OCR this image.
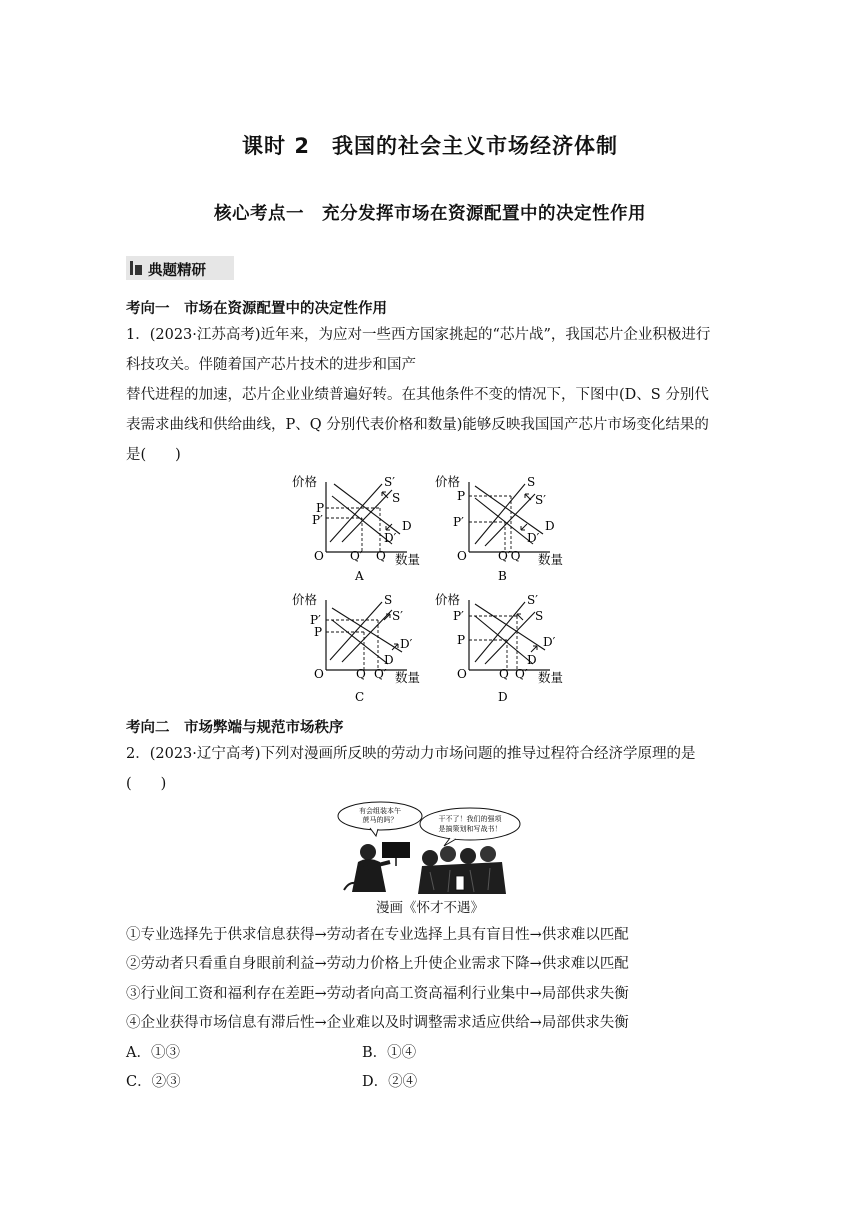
课时 2　我国的社会主义市场经济体制
核心考点一　充分发挥市场在资源配置中的决定性作用
典题精研
考向一　市场在资源配置中的决定性作用
1．(2023·江苏高考)近年来，为应对一些西方国家挑起的“芯片战”，我国芯片企业积极进行
科技攻关。伴随着国产芯片技术的进步和国产
替代进程的加速，芯片企业业绩普遍好转。在其他条件不变的情况下，下图中(D、S 分别代
表需求曲线和供给曲线，P、Q 分别代表价格和数量)能够反映我国国产芯片市场变化结果的
是(　　)
价格
O	数量
P
P′
S′
S
D
D′
Q′ Q
A
价格
O	数量
P
P′
S
S′
D
D′
Q′Q
B
价格
O	数量
P′
P
S
S′
D′
D
Q Q′
C
价格
O	数量
P′
P
S′
S
D′
D
Q Q′
D
考向二　市场弊端与规范市场秩序
2．(2023·辽宁高考)下列对漫画所反映的劳动力市场问题的推导过程符合经济学原理的是
(　　)
有会组装本午
蔗马的吗？	干不了！我们的强项
是搞策划和写战书！
漫画《怀才不遇》
①专业选择先于供求信息获得→劳动者在专业选择上具有盲目性→供求难以匹配
②劳动者只看重自身眼前利益→劳动力价格上升使企业需求下降→供求难以匹配
③行业间工资和福利存在差距→劳动者向高工资高福利行业集中→局部供求失衡
④企业获得市场信息有滞后性→企业难以及时调整需求适应供给→局部供求失衡
A．①③	B．①④
C．②③	D．②④
